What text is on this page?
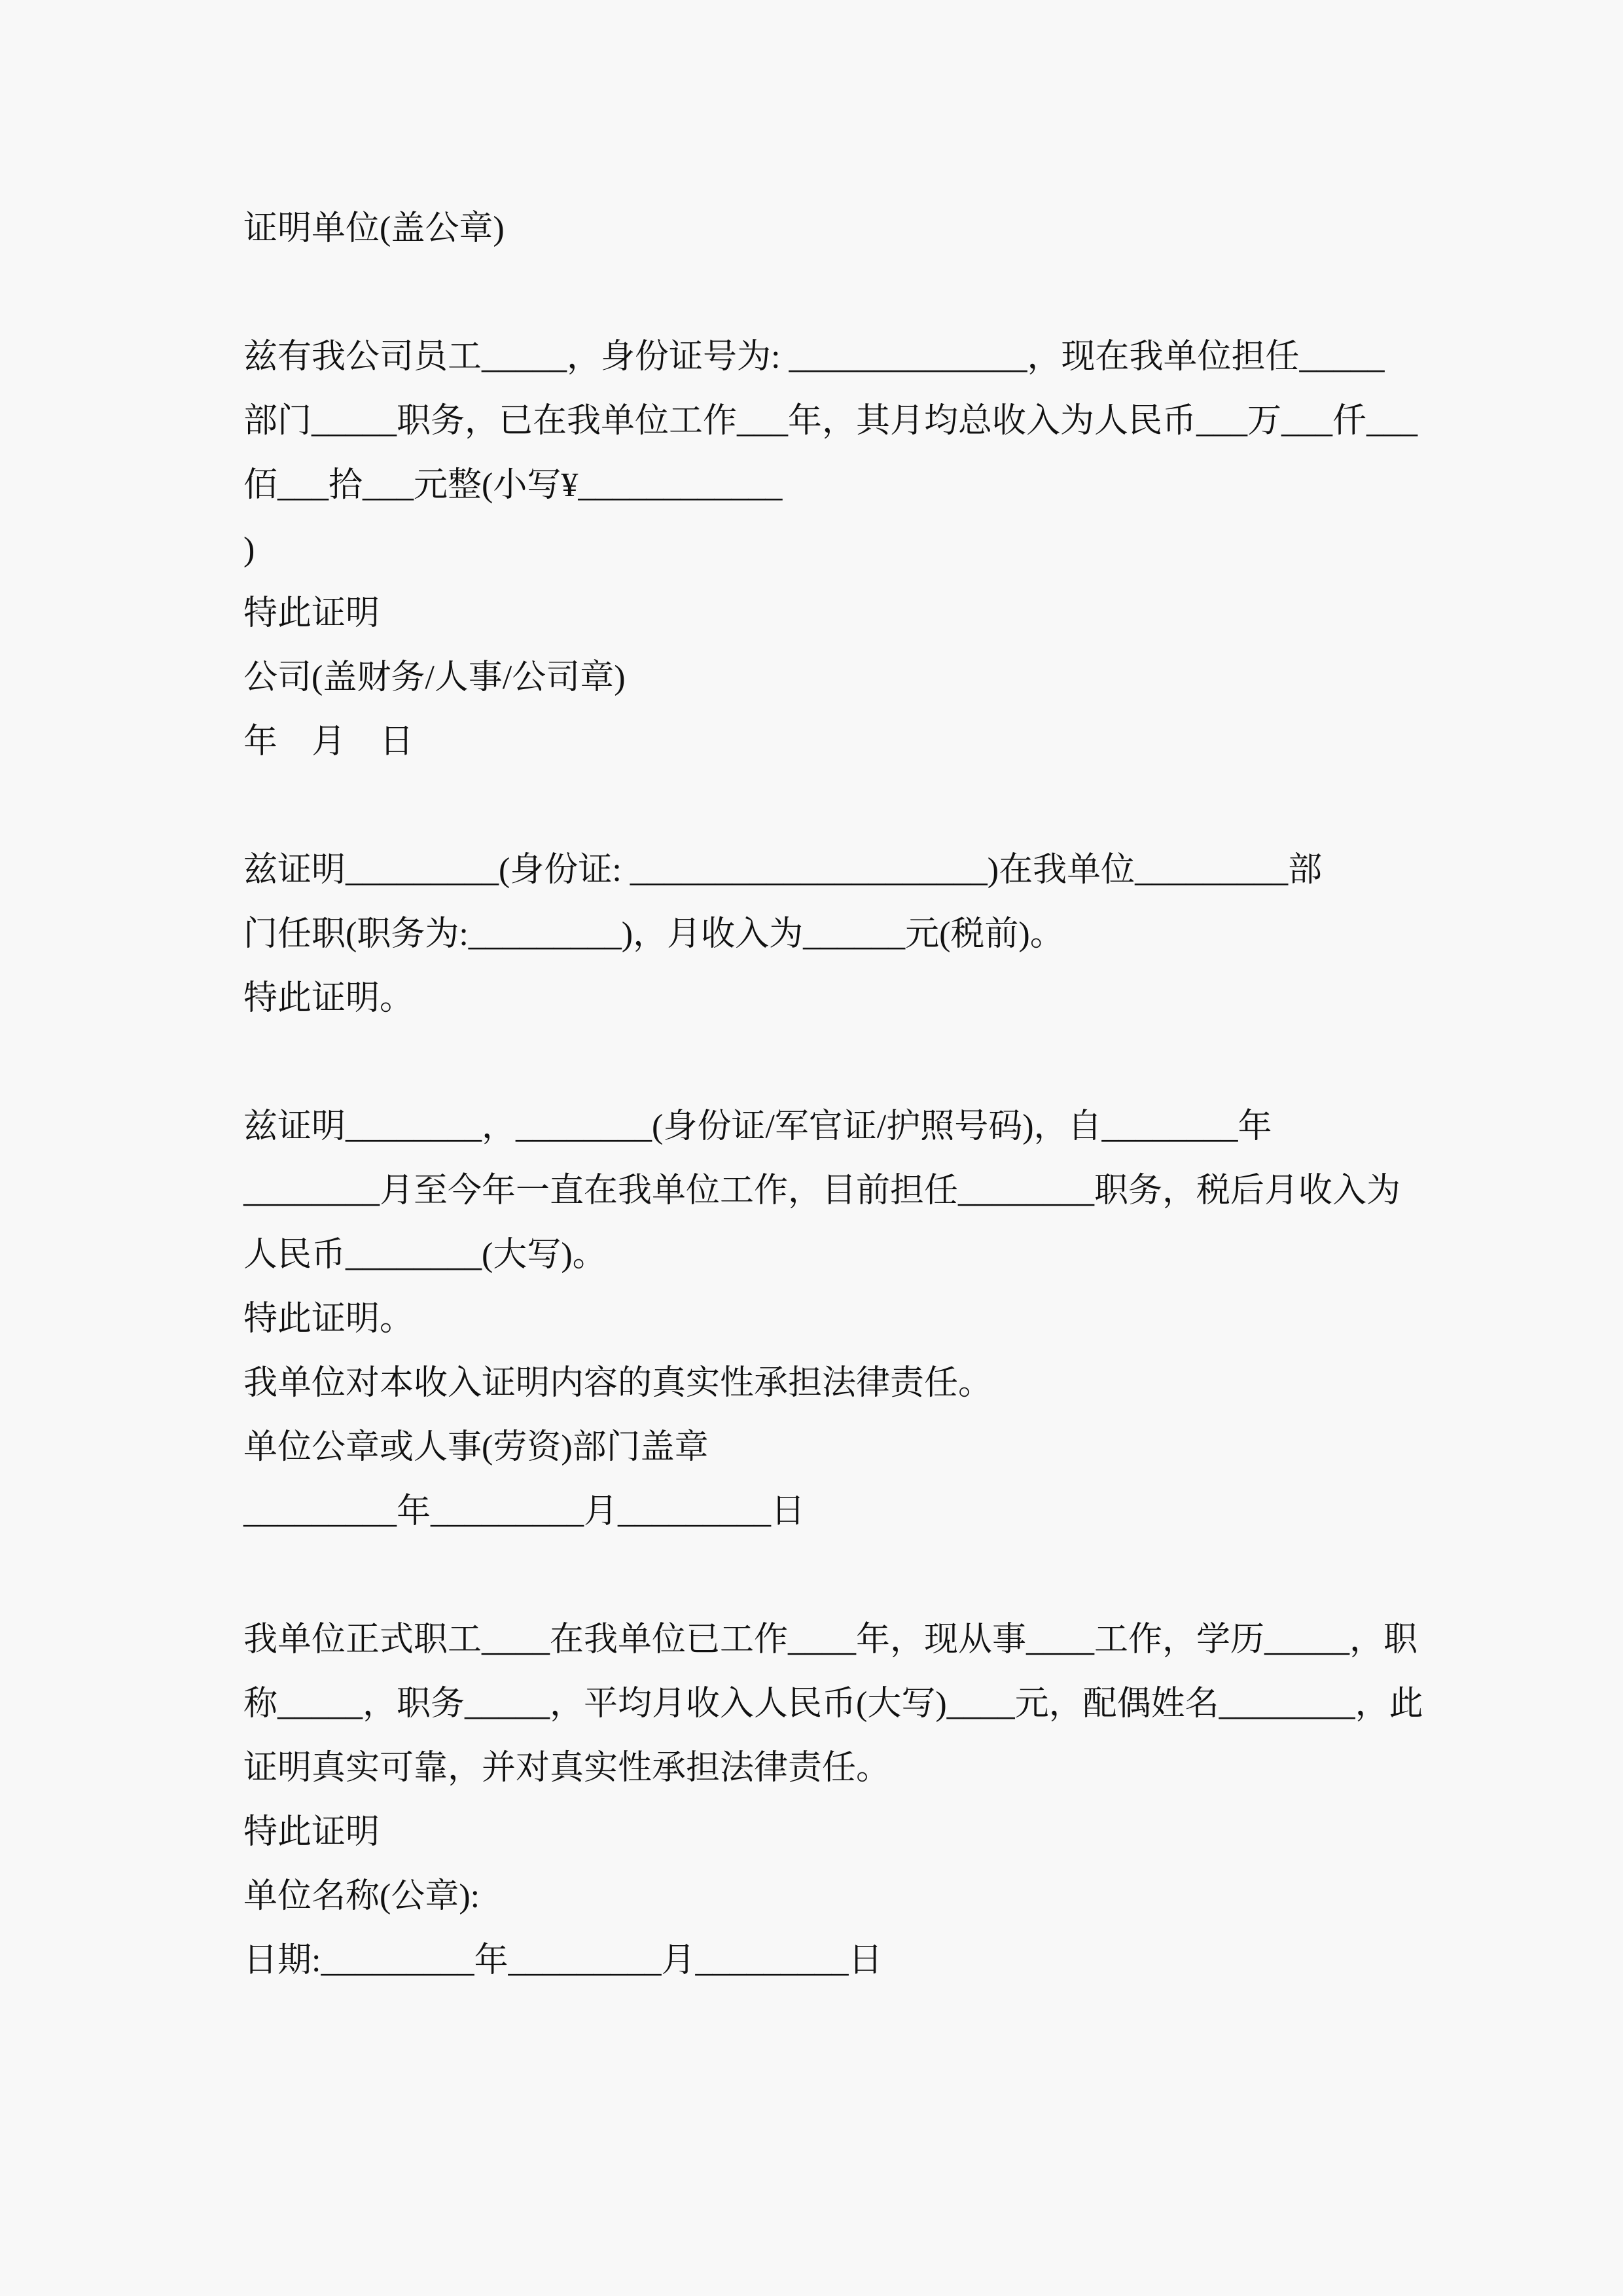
证明单位(盖公章)
兹有我公司员工_____，身份证号为: ______________，现在我单位担任_____
部门_____职务，已在我单位工作___年，其月均总收入为人民币___万___仟___
佰___拾___元整(小写¥____________
)
特此证明
公司(盖财务/人事/公司章)
年　月　日
兹证明_________(身份证: _____________________)在我单位_________部
门任职(职务为:_________)，月收入为______元(税前)。
特此证明。
兹证明________，________(身份证/军官证/护照号码)，自________年
________月至今年一直在我单位工作，目前担任________职务，税后月收入为
人民币________(大写)。
特此证明。
我单位对本收入证明内容的真实性承担法律责任。
单位公章或人事(劳资)部门盖章
_________年_________月_________日
我单位正式职工____在我单位已工作____年，现从事____工作，学历_____，职
称_____，职务_____，平均月收入人民币(大写)____元，配偶姓名________，此
证明真实可靠，并对真实性承担法律责任。
特此证明
单位名称(公章):
日期:_________年_________月_________日
